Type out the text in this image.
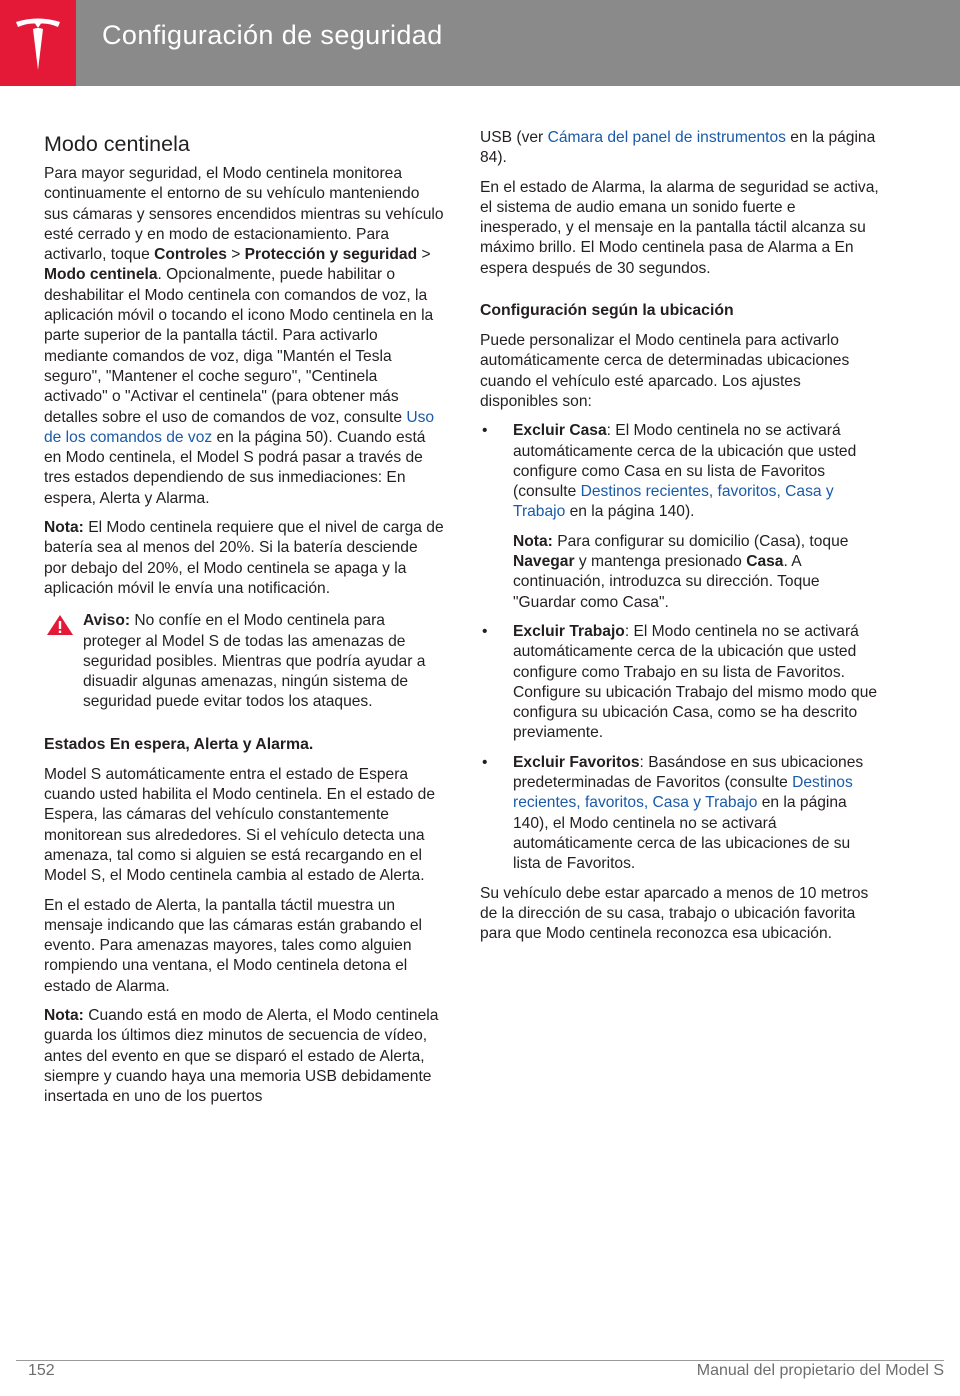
Configuración de seguridad
Modo centinela

Para mayor seguridad, el Modo centinela monitorea continuamente el entorno de su vehículo manteniendo sus cámaras y sensores encendidos mientras su vehículo esté cerrado y en modo de estacionamiento. Para activarlo, toque Controles > Protección y seguridad > Modo centinela. Opcionalmente, puede habilitar o deshabilitar el Modo centinela con comandos de voz, la aplicación móvil o tocando el icono Modo centinela en la parte superior de la pantalla táctil. Para activarlo mediante comandos de voz, diga "Mantén el Tesla seguro", "Mantener el coche seguro", "Centinela activado" o "Activar el centinela" (para obtener más detalles sobre el uso de comandos de voz, consulte Uso de los comandos de voz en la página 50). Cuando está en Modo centinela, el Model S podrá pasar a través de tres estados dependiendo de sus inmediaciones: En espera, Alerta y Alarma.

Nota: El Modo centinela requiere que el nivel de carga de batería sea al menos del 20%. Si la batería desciende por debajo del 20%, el Modo centinela se apaga y la aplicación móvil le envía una notificación.

Aviso: No confíe en el Modo centinela para proteger al Model S de todas las amenazas de seguridad posibles. Mientras que podría ayudar a disuadir algunas amenazas, ningún sistema de seguridad puede evitar todos los ataques.
Estados En espera, Alerta y Alarma.

Model S automáticamente entra el estado de Espera cuando usted habilita el Modo centinela. En el estado de Espera, las cámaras del vehículo constantemente monitorean sus alrededores. Si el vehículo detecta una amenaza, tal como si alguien se está recargando en el Model S, el Modo centinela cambia al estado de Alerta.

En el estado de Alerta, la pantalla táctil muestra un mensaje indicando que las cámaras están grabando el evento. Para amenazas mayores, tales como alguien rompiendo una ventana, el Modo centinela detona el estado de Alarma.

Nota: Cuando está en modo de Alerta, el Modo centinela guarda los últimos diez minutos de secuencia de vídeo, antes del evento en que se disparó el estado de Alerta, siempre y cuando haya una memoria USB debidamente insertada en uno de los puertos

USB (ver Cámara del panel de instrumentos en la página 84).

En el estado de Alarma, la alarma de seguridad se activa, el sistema de audio emana un sonido fuerte e inesperado, y el mensaje en la pantalla táctil alcanza su máximo brillo. El Modo centinela pasa de Alarma a En espera después de 30 segundos.

Configuración según la ubicación

Puede personalizar el Modo centinela para activarlo automáticamente cerca de determinadas ubicaciones cuando el vehículo esté aparcado. Los ajustes disponibles son:

• Excluir Casa: El Modo centinela no se activará automáticamente cerca de la ubicación que usted configure como Casa en su lista de Favoritos (consulte Destinos recientes, favoritos, Casa y Trabajo en la página 140).

Nota: Para configurar su domicilio (Casa), toque Navegar y mantenga presionado Casa. A continuación, introduzca su dirección. Toque "Guardar como Casa".

• Excluir Trabajo: El Modo centinela no se activará automáticamente cerca de la ubicación que usted configure como Trabajo en su lista de Favoritos. Configure su ubicación Trabajo del mismo modo que configura su ubicación Casa, como se ha descrito previamente.
• Excluir Favoritos: Basándose en sus ubicaciones predeterminadas de Favoritos (consulte Destinos recientes, favoritos, Casa y Trabajo en la página 140), el Modo centinela no se activará automáticamente cerca de las ubicaciones de su lista de Favoritos.

Su vehículo debe estar aparcado a menos de 10 metros de la dirección de su casa, trabajo o ubicación favorita para que Modo centinela reconozca esa ubicación.

152	Manual del propietario del Model S
